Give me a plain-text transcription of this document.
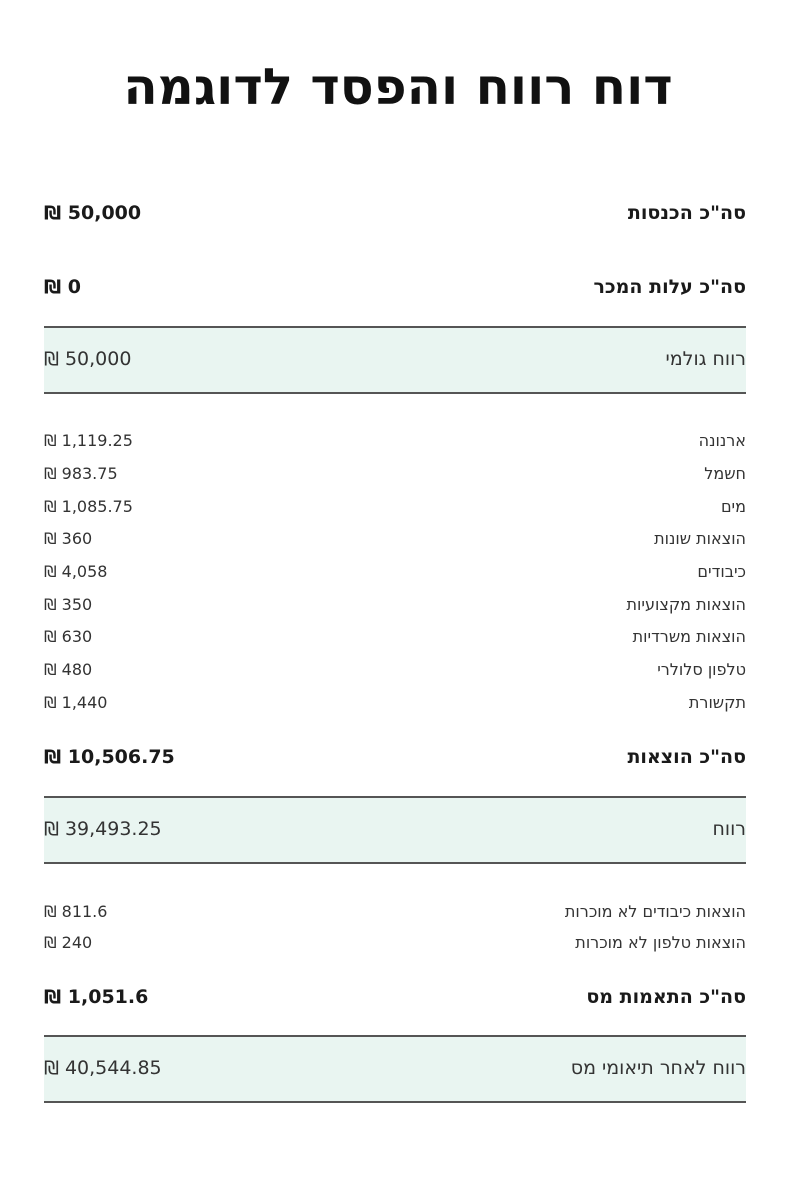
דוח רווח והפסד לדוגמה
סה"כ הכנסות
₪ 50,000
סה"כ עלות המכר
₪ 0
רווח גולמי
₪ 50,000
ארנונה
₪ 1,119.25
חשמל
₪ 983.75
מים
₪ 1,085.75
הוצאות שונות
₪ 360
כיבודים
₪ 4,058
הוצאות מקצועיות
₪ 350
הוצאות משרדיות
₪ 630
טלפון סלולרי
₪ 480
תקשורת
₪ 1,440
סה"כ הוצאות
₪ 10,506.75
רווח
₪ 39,493.25
הוצאות כיבודים לא מוכרות
₪ 811.6
הוצאות טלפון לא מוכרות
₪ 240
סה"כ התאמות מס
₪ 1,051.6
רווח לאחר תיאומי מס
₪ 40,544.85
